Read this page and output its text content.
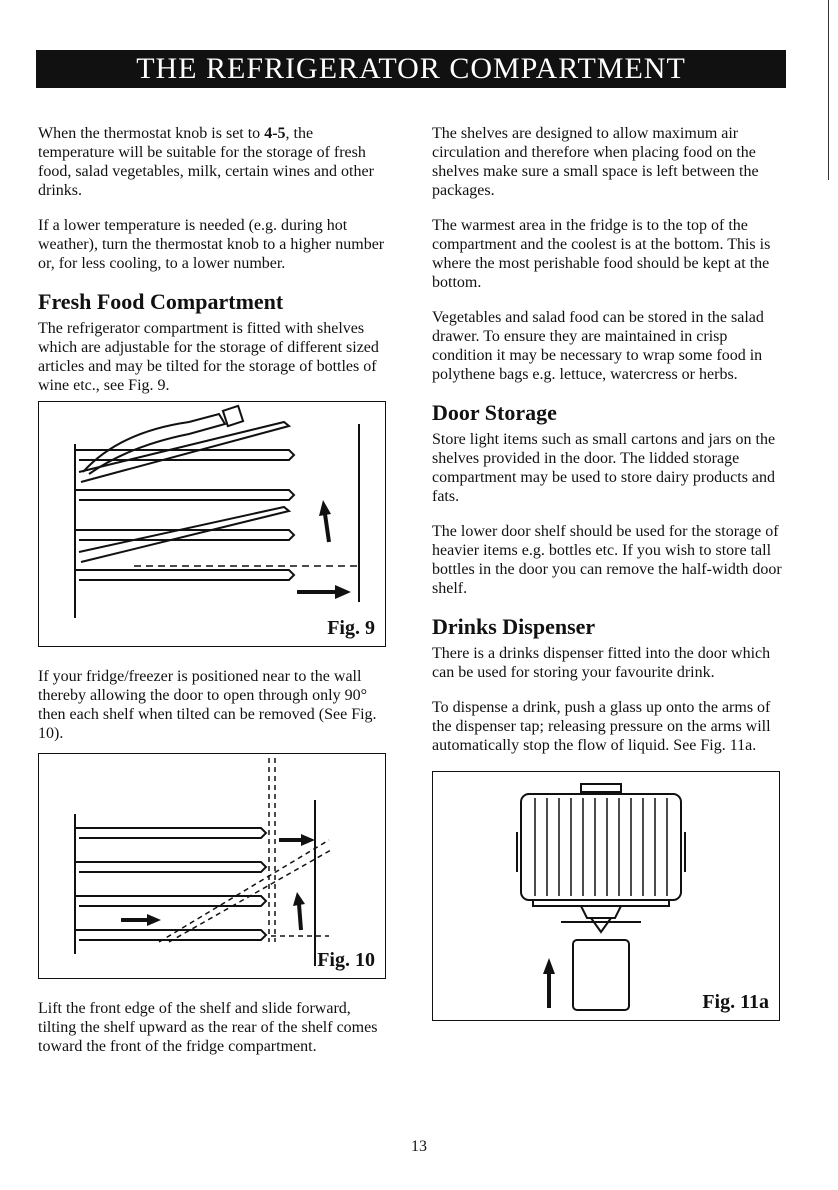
THE REFRIGERATOR COMPARTMENT

When the thermostat knob is set to 4-5, the temperature will be suitable for the storage of fresh food, salad vegetables, milk, certain wines and other drinks.

If a lower temperature is needed (e.g. during hot weather), turn the thermostat knob to a higher number or, for less cooling, to a lower number.

Fresh Food Compartment

The refrigerator compartment is fitted with shelves which are adjustable for the storage of different sized articles and may be tilted for the storage of bottles of wine etc., see Fig. 9.

Fig. 9

If your fridge/freezer is positioned near to the wall thereby allowing the door to open through only 90° then each shelf when tilted can be removed (See Fig. 10).

Fig. 10

Lift the front edge of the shelf and slide forward, tilting the shelf upward as the rear of the shelf comes toward the front of the fridge compartment.

The shelves are designed to allow maximum air circulation and therefore when placing food on the shelves make sure a small space is left between the packages.

The warmest area in the fridge is to the top of the compartment and the coolest is at the bottom. This is where the most perishable food should be kept at the bottom.

Vegetables and salad food can be stored in the salad drawer. To ensure they are maintained in crisp condition it may be necessary to wrap some food in polythene bags e.g. lettuce, watercress or herbs.

Door Storage

Store light items such as small cartons and jars on the shelves provided in the door. The lidded storage compartment may be used to store dairy products and fats.

The lower door shelf should be used for the storage of heavier items e.g. bottles etc. If you wish to store tall bottles in the door you can remove the half-width door shelf.

Drinks Dispenser

There is a drinks dispenser fitted into the door which can be used for storing your favourite drink.

To dispense a drink, push a glass up onto the arms of the dispenser tap; releasing pressure on the arms will automatically stop the flow of liquid. See Fig. 11a.

Fig. 11a
13
